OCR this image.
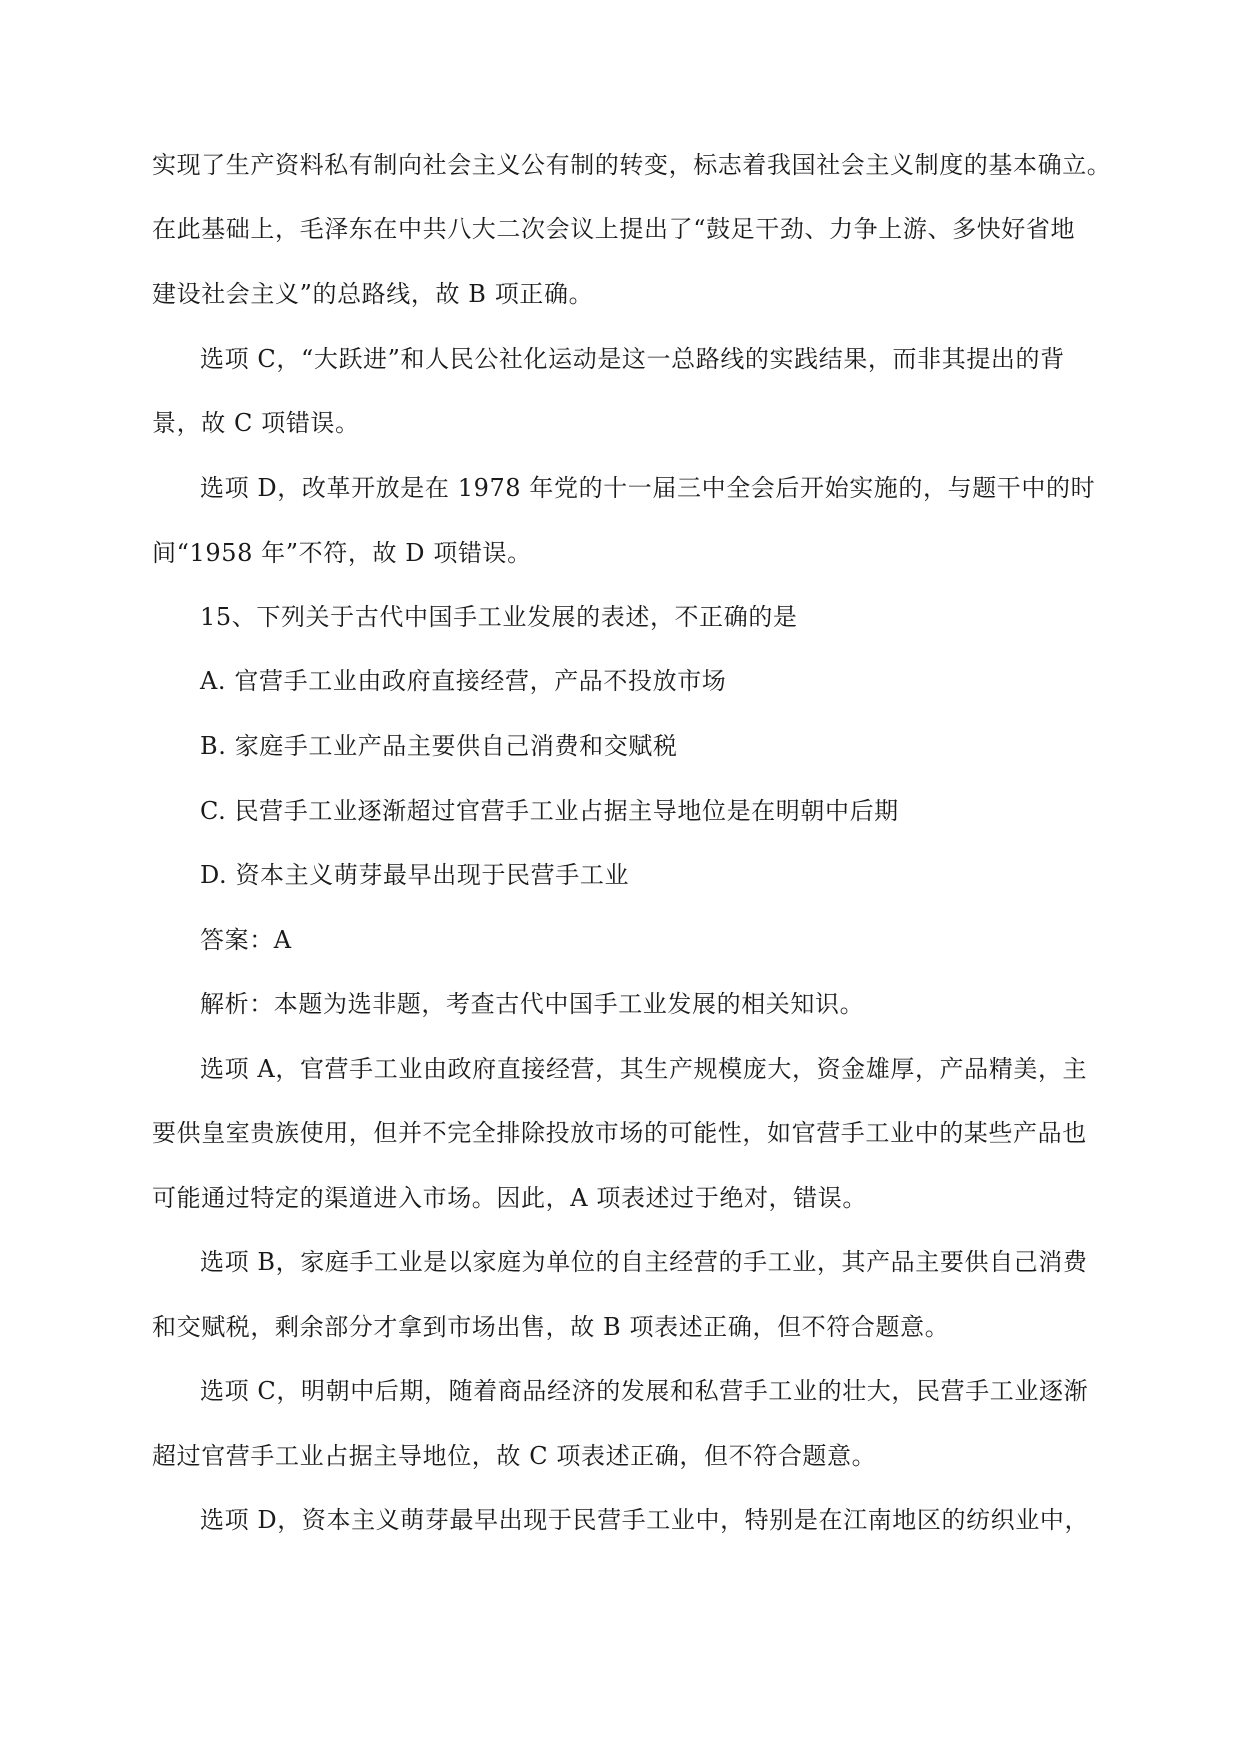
实现了生产资料私有制向社会主义公有制的转变，标志着我国社会主义制度的基本确立。
在此基础上，毛泽东在中共八大二次会议上提出了“鼓足干劲、力争上游、多快好省地
建设社会主义”的总路线，故 B 项正确。
选项 C，“大跃进”和人民公社化运动是这一总路线的实践结果，而非其提出的背
景，故 C 项错误。
选项 D，改革开放是在 1978 年党的十一届三中全会后开始实施的，与题干中的时
间“1958 年”不符，故 D 项错误。
15、下列关于古代中国手工业发展的表述，不正确的是
A. 官营手工业由政府直接经营，产品不投放市场
B. 家庭手工业产品主要供自己消费和交赋税
C. 民营手工业逐渐超过官营手工业占据主导地位是在明朝中后期
D. 资本主义萌芽最早出现于民营手工业
答案：A
解析：本题为选非题，考查古代中国手工业发展的相关知识。
选项 A，官营手工业由政府直接经营，其生产规模庞大，资金雄厚，产品精美，主
要供皇室贵族使用，但并不完全排除投放市场的可能性，如官营手工业中的某些产品也
可能通过特定的渠道进入市场。因此，A 项表述过于绝对，错误。
选项 B，家庭手工业是以家庭为单位的自主经营的手工业，其产品主要供自己消费
和交赋税，剩余部分才拿到市场出售，故 B 项表述正确，但不符合题意。
选项 C，明朝中后期，随着商品经济的发展和私营手工业的壮大，民营手工业逐渐
超过官营手工业占据主导地位，故 C 项表述正确，但不符合题意。
选项 D，资本主义萌芽最早出现于民营手工业中，特别是在江南地区的纺织业中，
